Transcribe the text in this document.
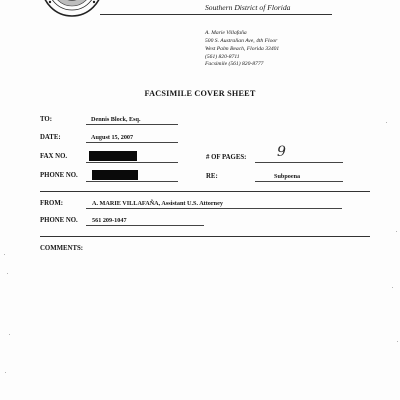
Southern District of Florida
A. Marie Villafaña
500 S. Australian Ave, 4th Floor
West Palm Beach, Florida 33401
(561) 820-8711
Facsimile (561) 820-8777
FACSIMILE COVER SHEET
TO:	Dennis Block, Esq.
DATE:	August 15, 2007
FAX NO.	# OF PAGES: 9
PHONE NO.	RE:	Subpoena
FROM:	A. MARIE VILLAFAÑA, Assistant U.S. Attorney
PHONE NO. 561 209-1047
COMMENTS:
